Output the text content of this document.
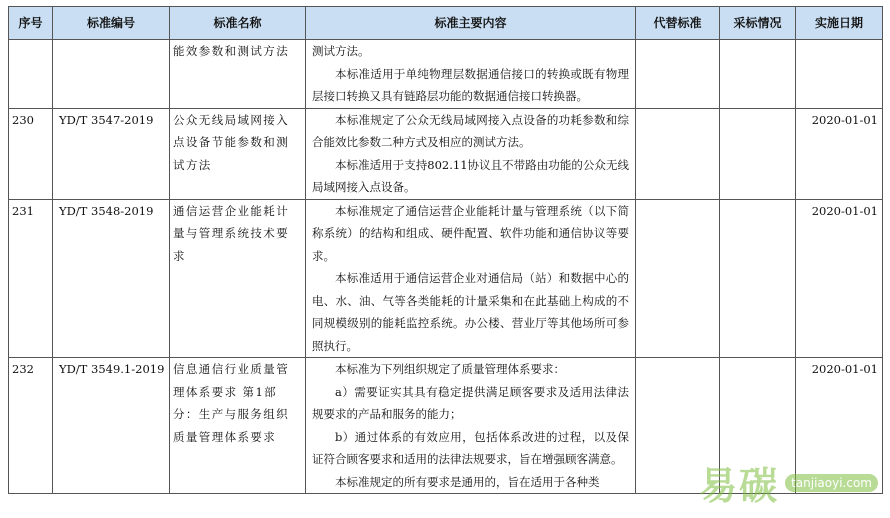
序号	标准编号	标准名称	标准主要内容	代替标准	采标情况	实施日期
		能效参数和测试方法	测试方法。

本标准适用于单纯物理层数据通信接口的转换或既有物理层接口转换又具有链路层功能的数据通信接口转换器。			

230	YD/T 3547-2019	公众无线局域网接入点设备节能参数和测试方法	本标准规定了公众无线局域网接入点设备的功耗参数和综合能效比参数二种方式及相应的测试方法。

本标准适用于支持802.11协议且不带路由功能的公众无线局域网接入点设备。			2020-01-01
231	YD/T 3548-2019	通信运营企业能耗计量与管理系统技术要求	本标准规定了通信运营企业能耗计量与管理系统（以下简称系统）的结构和组成、硬件配置、软件功能和通信协议等要求。

本标准适用于通信运营企业对通信局（站）和数据中心的电、水、油、气等各类能耗的计量采集和在此基础上构成的不同规模级别的能耗监控系统。办公楼、营业厅等其他场所可参照执行。			2020-01-01
232	YD/T 3549.1-2019	信息通信行业质量管理体系要求 第1部分：生产与服务组织质量管理体系要求	本标准为下列组织规定了质量管理体系要求：

a）需要证实其具有稳定提供满足顾客要求及适用法律法规要求的产品和服务的能力；

b）通过体系的有效应用，包括体系改进的过程，以及保证符合顾客要求和适用的法律法规要求，旨在增强顾客满意。

本标准规定的所有要求是通用的，旨在适用于各种类			2020-01-01
易碳	tanjiaoyi.com
